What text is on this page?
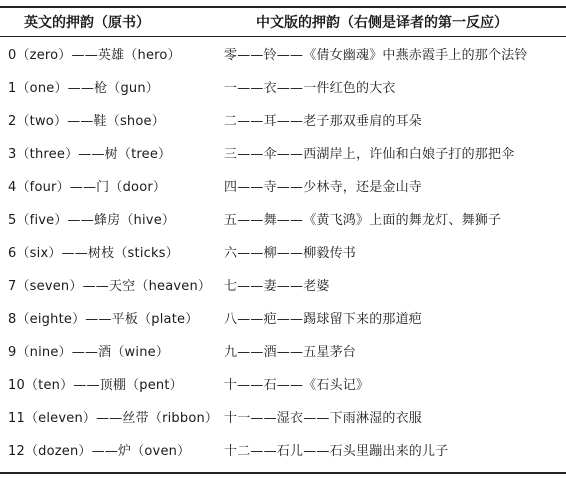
英文的押韵（原书）	中文版的押韵（右侧是译者的第一反应）
0（zero）——英雄（hero）	零——铃——《倩女幽魂》中燕赤霞手上的那个法铃
1（one）——枪（gun）	一——衣——一件红色的大衣
2（two）——鞋（shoe）	二——耳——老子那双垂肩的耳朵
3（three）——树（tree）	三——伞——西湖岸上，许仙和白娘子打的那把伞
4（four）——门（door）	四——寺——少林寺，还是金山寺
5（five）——蜂房（hive）	五——舞——《黄飞鸿》上面的舞龙灯、舞狮子
6（six）——树枝（sticks）	六——柳——柳毅传书
7（seven）——天空（heaven） 七——妻——老婆
8（eighte）——平板（plate） 八——疤——踢球留下来的那道疤
9（nine）——酒（wine）	九——酒——五星茅台
10（ten）——顶棚（pent）	十——石——《石头记》
11（eleven）——丝带（ribbon） 十一——湿衣——下雨淋湿的衣服
12（dozen）——炉（oven）	十二——石儿——石头里蹦出来的儿子
